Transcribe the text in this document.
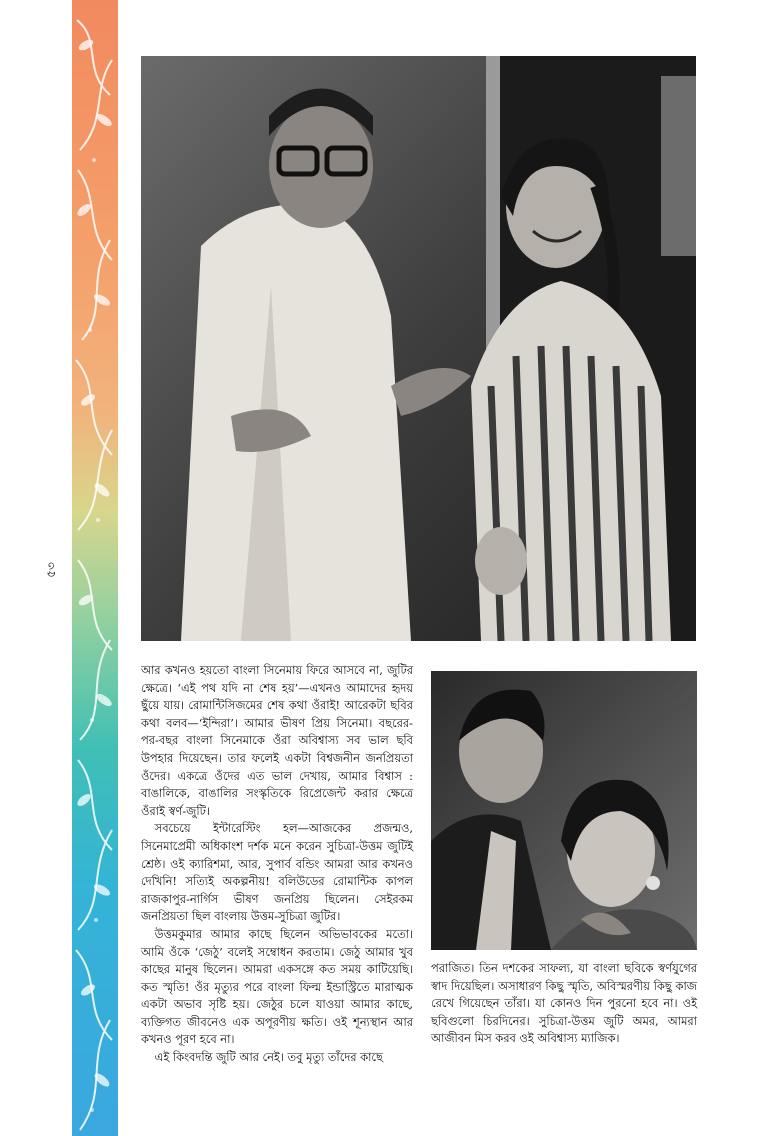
৫৩

আর কখনও হয়তো বাংলা সিনেমায় ফিরে আসবে না, জুটির ক্ষেত্রে। ‘এই পথ যদি না শেষ হয়’—এখনও আমাদের হৃদয় ছুঁয়ে যায়। রোমান্টিসিজমের শেষ কথা ওঁরাই! আরেকটা ছবির কথা বলব—‘ইন্দিরা’। আমার ভীষণ প্রিয় সিনেমা। বছরের-পর-বছর বাংলা সিনেমাকে ওঁরা অবিশ্বাস্য সব ভাল ছবি উপহার দিয়েছেন। তার ফলেই একটা বিশ্বজনীন জনপ্রিয়তা ওঁদের। একত্রে ওঁদের এত ভাল দেখায়, আমার বিশ্বাস : বাঙালিকে, বাঙালির সংস্কৃতিকে রিপ্রেজেন্ট করার ক্ষেত্রে ওঁরাই স্বর্ণ-জুটি।

সবচেয়ে ইন্টারেস্টিং হল—আজকের প্রজন্মও, সিনেমাপ্রেমী অধিকাংশ দর্শক মনে করেন সুচিত্রা-উত্তম জুটিই শ্রেষ্ঠ। ওই ক্যারিশমা, আর, সুপার্ব বন্ডিং আমরা আর কখনও দেখিনি! সত্যিই অকল্পনীয়! বলিউডের রোমান্টিক কাপল রাজকাপুর-নার্গিস ভীষণ জনপ্রিয় ছিলেন। সেইরকম জনপ্রিয়তা ছিল বাংলায় উত্তম-সুচিত্রা জুটির।

উত্তমকুমার আমার কাছে ছিলেন অভিভাবকের মতো। আমি ওঁকে ‘জেঠু’ বলেই সম্বোধন করতাম। জেঠু আমার খুব কাছের মানুষ ছিলেন। আমরা একসঙ্গে কত সময় কাটিয়েছি। কত স্মৃতি! ওঁর মৃত্যুর পরে বাংলা ফিল্ম ইন্ডাস্ট্রিতে মারাত্মক একটা অভাব সৃষ্টি হয়। জেঠুর চলে যাওয়া আমার কাছে, ব্যক্তিগত জীবনেও এক অপূরণীয় ক্ষতি। ওই শূন্যস্থান আর কখনও পূরণ হবে না।

এই কিংবদন্তি জুটি আর নেই। তবু মৃত্যু তাঁদের কাছে

পরাজিত। তিন দশকের সাফল্য, যা বাংলা ছবিকে স্বর্ণযুগের স্বাদ দিয়েছিল। অসাধারণ কিছু স্মৃতি, অবিস্মরণীয় কিছু কাজ রেখে গিয়েছেন তাঁরা। যা কোনও দিন পুরনো হবে না। ওই ছবিগুলো চিরদিনের। সুচিত্রা-উত্তম জুটি অমর, আমরা আজীবন মিস করব ওই অবিশ্বাস্য ম্যাজিক।
